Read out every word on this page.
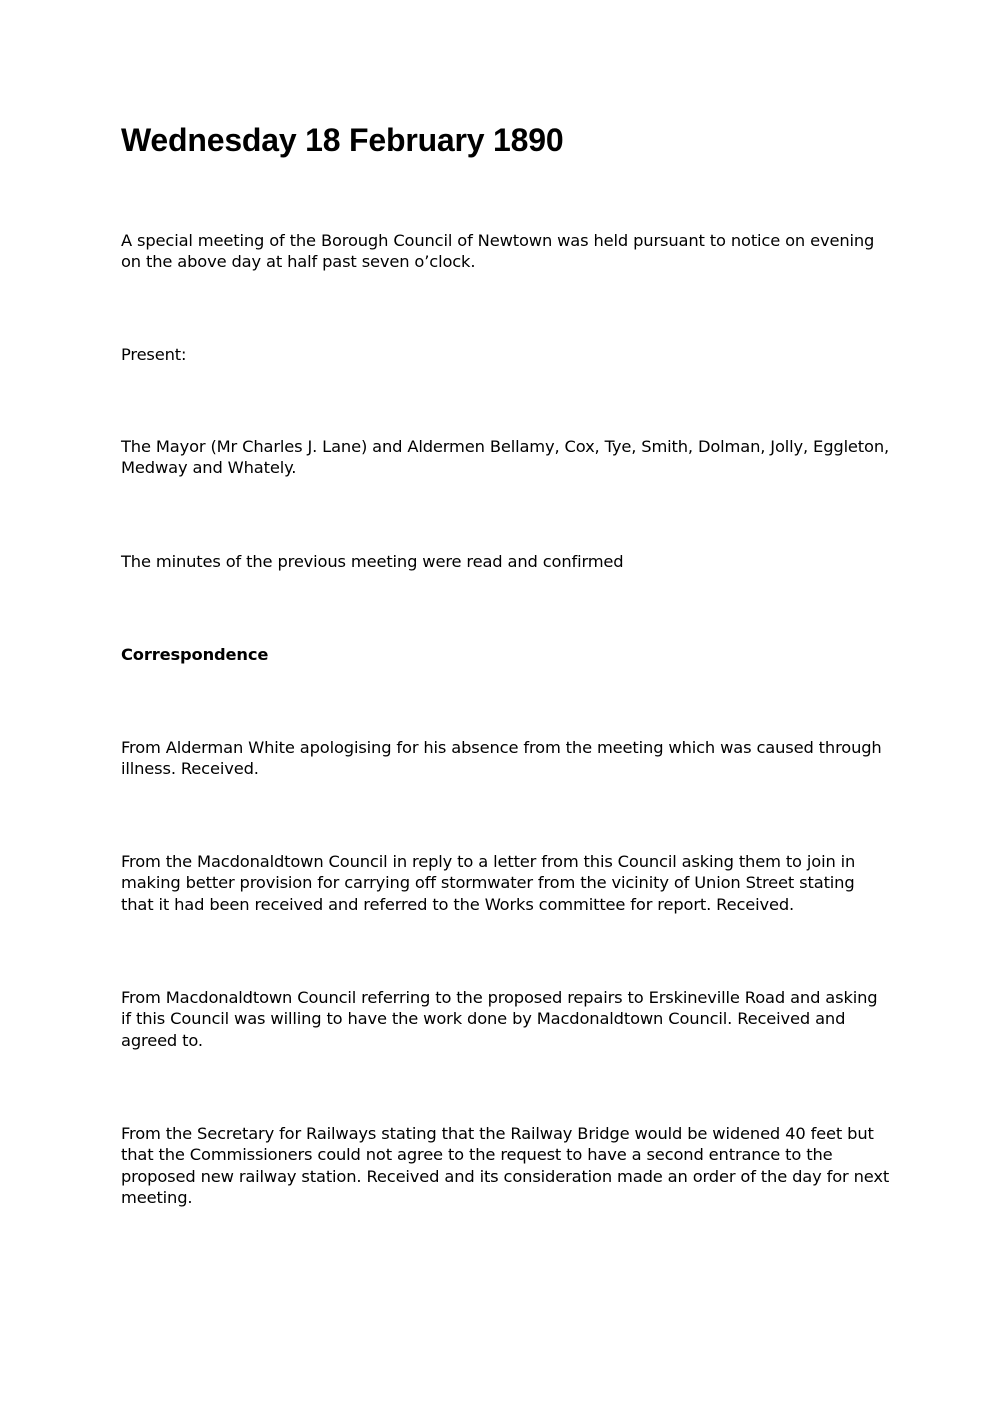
Wednesday 18 February 1890

A special meeting of the Borough Council of Newtown was held pursuant to notice on evening on the above day at half past seven o’clock.

Present:

The Mayor (Mr Charles J. Lane) and Aldermen Bellamy, Cox, Tye, Smith, Dolman, Jolly, Eggleton, Medway and Whately.

The minutes of the previous meeting were read and confirmed

Correspondence

From Alderman White apologising for his absence from the meeting which was caused through illness. Received.

From the Macdonaldtown Council in reply to a letter from this Council asking them to join in making better provision for carrying off stormwater from the vicinity of Union Street stating that it had been received and referred to the Works committee for report. Received.

From Macdonaldtown Council referring to the proposed repairs to Erskineville Road and asking if this Council was willing to have the work done by Macdonaldtown Council. Received and agreed to.

From the Secretary for Railways stating that the Railway Bridge would be widened 40 feet but that the Commissioners could not agree to the request to have a second entrance to the proposed new railway station. Received and its consideration made an order of the day for next meeting.
